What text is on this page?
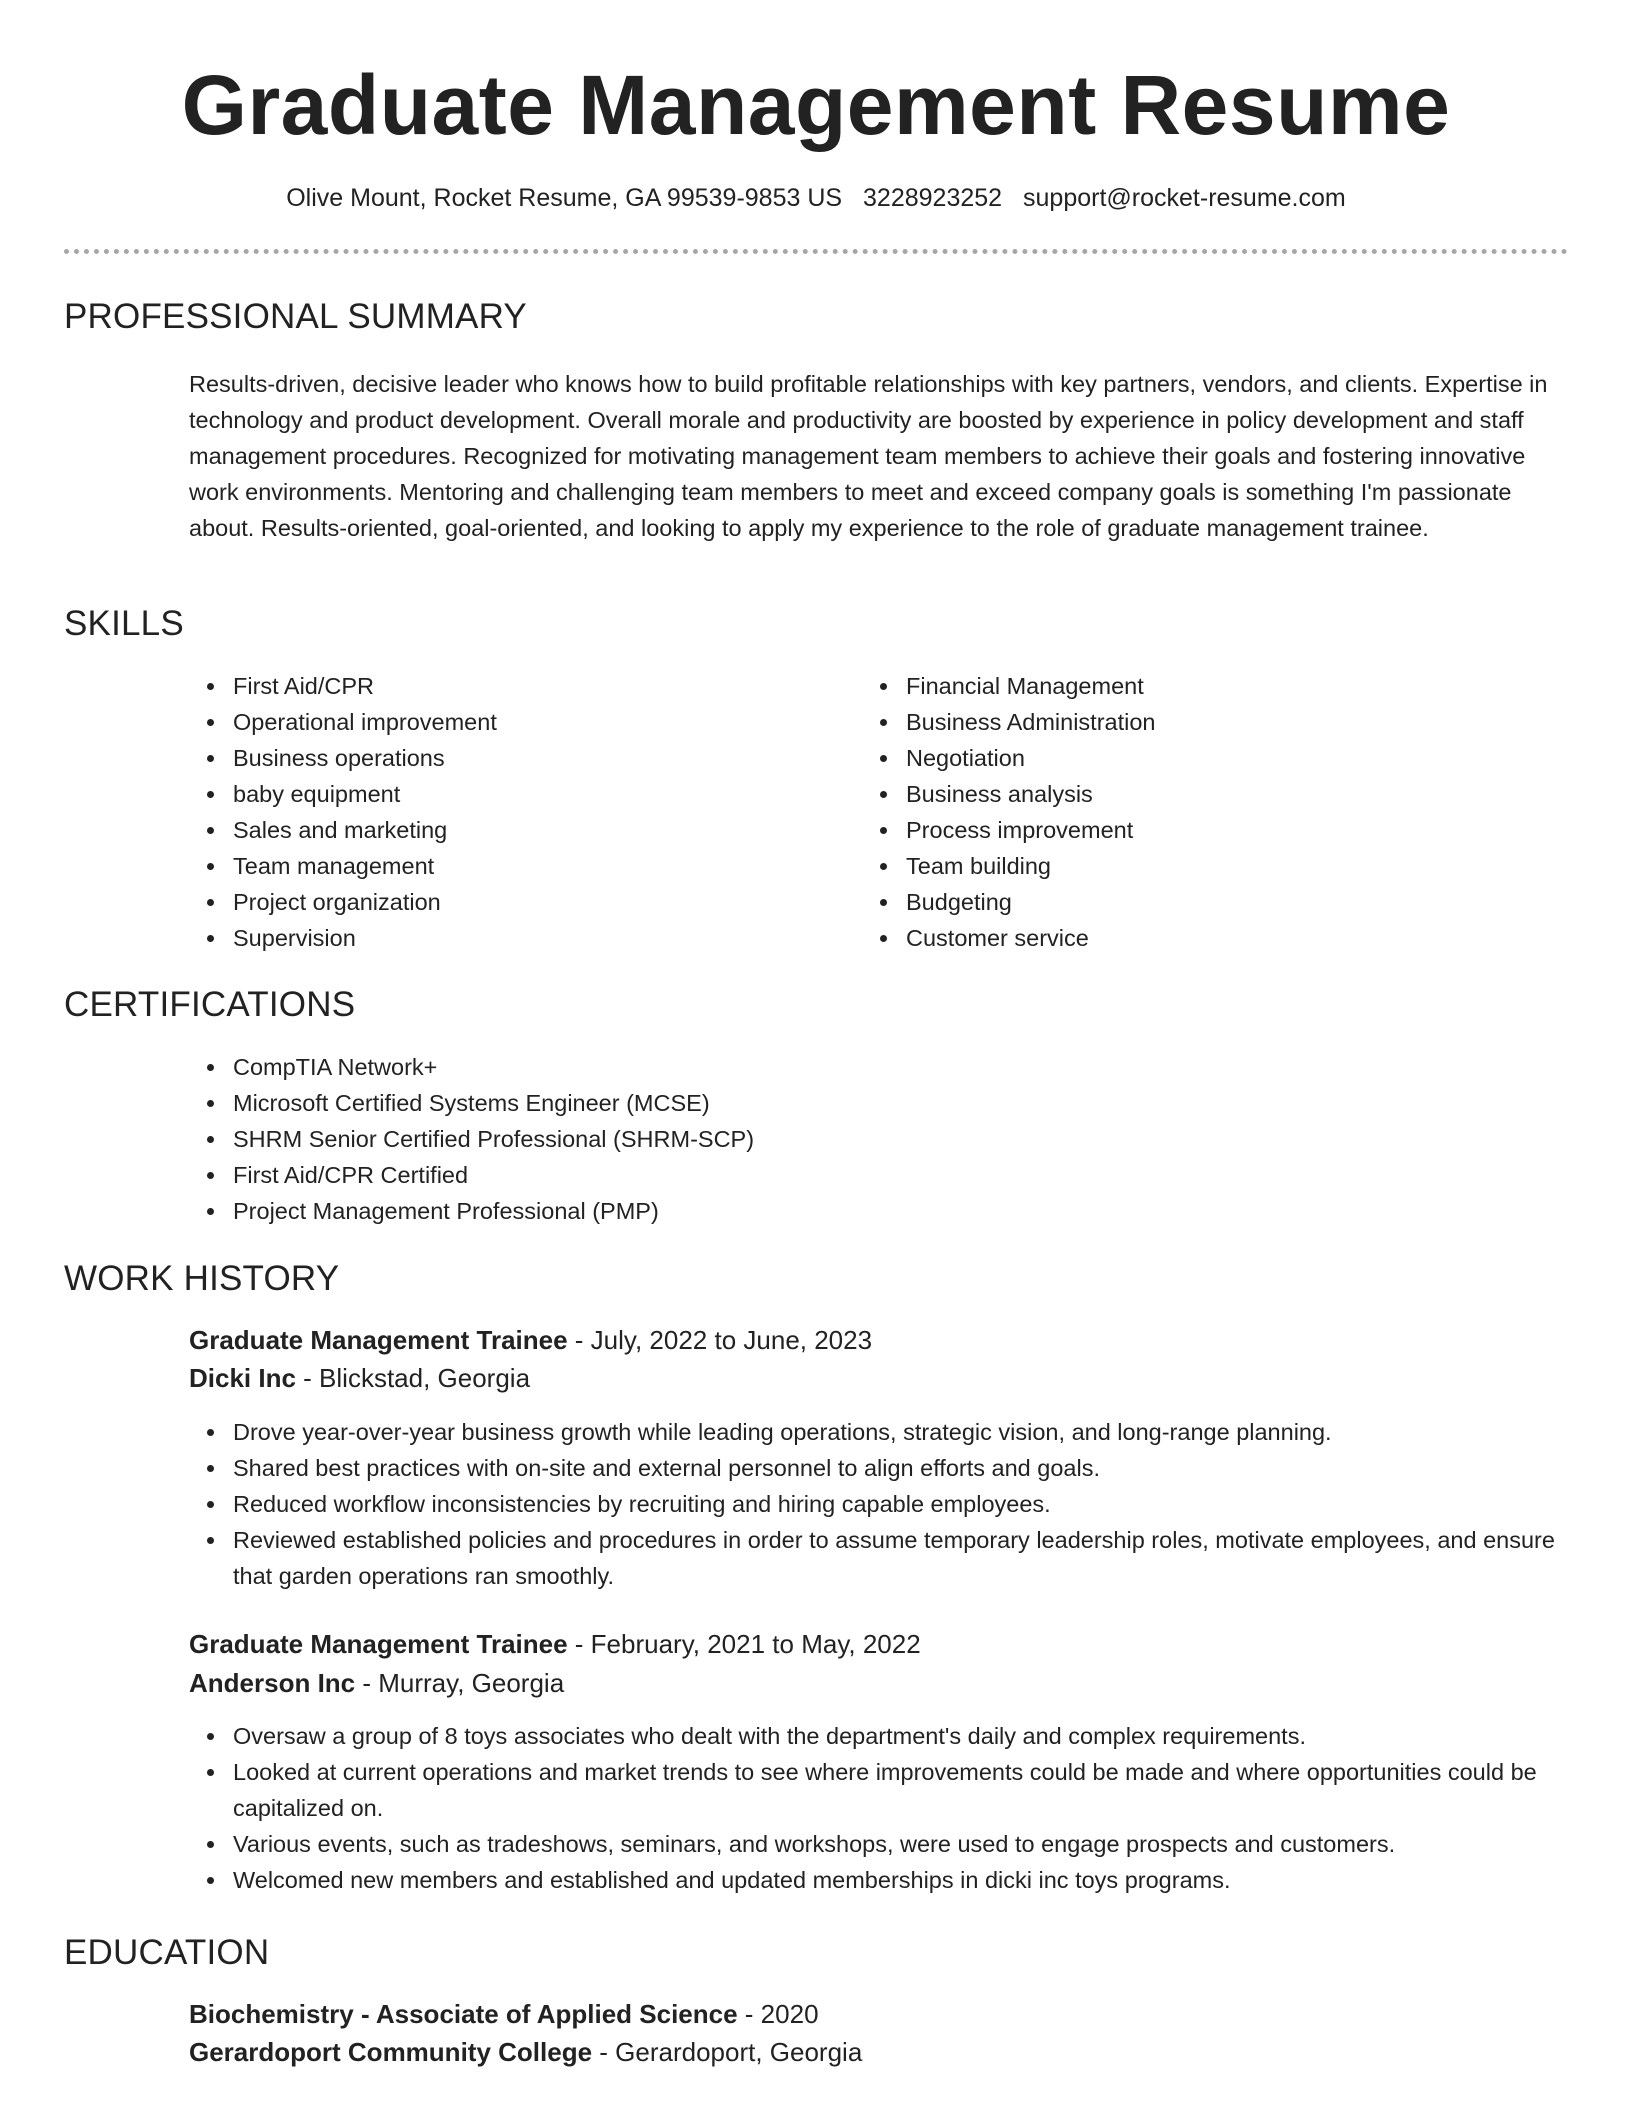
Graduate Management Resume
Olive Mount, Rocket Resume, GA 99539-9853 US 3228923252 support@rocket-resume.com
PROFESSIONAL SUMMARY

Results-driven, decisive leader who knows how to build profitable relationships with key partners, vendors, and clients. Expertise in technology and product development. Overall morale and productivity are boosted by experience in policy development and staff management procedures. Recognized for motivating management team members to achieve their goals and fostering innovative work environments. Mentoring and challenging team members to meet and exceed company goals is something I'm passionate about. Results-oriented, goal-oriented, and looking to apply my experience to the role of graduate management trainee.

SKILLS
First Aid/CPR
Operational improvement
Business operations
baby equipment
Sales and marketing
Team management
Project organization
Supervision
Financial Management
Business Administration
Negotiation
Business analysis
Process improvement
Team building
Budgeting
Customer service
CERTIFICATIONS
CompTIA Network+
Microsoft Certified Systems Engineer (MCSE)
SHRM Senior Certified Professional (SHRM-SCP)
First Aid/CPR Certified
Project Management Professional (PMP)
WORK HISTORY
Graduate Management Trainee - July, 2022 to June, 2023
Dicki Inc - Blickstad, Georgia
Drove year-over-year business growth while leading operations, strategic vision, and long-range planning.
Shared best practices with on-site and external personnel to align efforts and goals.
Reduced workflow inconsistencies by recruiting and hiring capable employees.
Reviewed established policies and procedures in order to assume temporary leadership roles, motivate employees, and ensure that garden operations ran smoothly.
Graduate Management Trainee - February, 2021 to May, 2022
Anderson Inc - Murray, Georgia
Oversaw a group of 8 toys associates who dealt with the department's daily and complex requirements.
Looked at current operations and market trends to see where improvements could be made and where opportunities could be capitalized on.
Various events, such as tradeshows, seminars, and workshops, were used to engage prospects and customers.
Welcomed new members and established and updated memberships in dicki inc toys programs.
EDUCATION
Biochemistry - Associate of Applied Science - 2020
Gerardoport Community College - Gerardoport, Georgia
